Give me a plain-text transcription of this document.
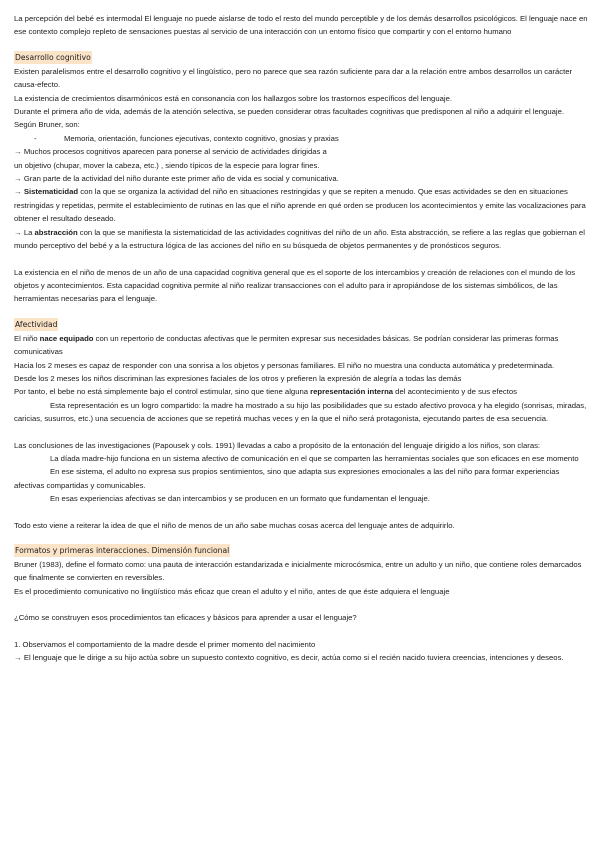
La percepción del bebé es intermodal El lenguaje no puede aislarse de todo el resto del mundo perceptible y de los demás desarrollos psicológicos. El lenguaje nace en ese contexto complejo repleto de sensaciones puestas al servicio de una interacción con un entorno físico que compartir y con el entorno humano

Desarrollo cognitivo

Existen paralelismos entre el desarrollo cognitivo y el lingüístico, pero no parece que sea razón suficiente para dar a la relación entre ambos desarrollos un carácter causa-efecto.

La existencia de crecimientos disarmónicos está en consonancia con los hallazgos sobre los trastornos específicos del lenguaje.

Durante el primera año de vida, además de la atención selectiva, se pueden considerar otras facultades cognitivas que predisponen al niño a adquirir el lenguaje. Según Bruner, son:

-	Memoria, orientación, funciones ejecutivas, contexto cognitivo, gnosias y praxias

→ Muchos procesos cognitivos aparecen para ponerse al servicio de actividades dirigidas a

un objetivo (chupar, mover la cabeza, etc.) , siendo típicos de la especie para lograr fines.

→ Gran parte de la actividad del niño durante este primer año de vida es social y comunicativa.

→ Sistematicidad con la que se organiza la actividad del niño en situaciones restringidas y que se repiten a menudo. Que esas actividades se den en situaciones restringidas y repetidas, permite el establecimiento de rutinas en las que el niño aprende en qué orden se producen los acontecimientos y emite las vocalizaciones para obtener el resultado deseado.

→ La abstracción con la que se manifiesta la sistematicidad de las actividades cognitivas del niño de un año. Esta abstracción, se refiere a las reglas que gobiernan el mundo perceptivo del bebé y a la estructura lógica de las acciones del niño en su búsqueda de objetos permanentes y de pronósticos seguros.

La existencia en el niño de menos de un año de una capacidad cognitiva general que es el soporte de los intercambios y creación de relaciones con el mundo de los objetos y acontecimientos. Esta capacidad cognitiva permite al niño realizar transacciones con el adulto para ir apropiándose de los sistemas simbólicos, de las herramientas necesarias para el lenguaje.

Afectividad

El niño nace equipado con un repertorio de conductas afectivas que le permiten expresar sus necesidades básicas. Se podrían considerar las primeras formas comunicativas

Hacia los 2 meses es capaz de responder con una sonrisa a los objetos y personas familiares. El niño no muestra una conducta automática y predeterminada.

Desde los 2 meses los niños discriminan las expresiones faciales de los otros y prefieren la expresión de alegría a todas las demás

Por tanto, el bebe no está simplemente bajo el control estimular, sino que tiene alguna representación interna del acontecimiento y de sus efectos

Esta representación es un logro compartido: la madre ha mostrado a su hijo las posibilidades que su estado afectivo provoca y ha elegido (sonrisas, miradas, caricias, susurros, etc.) una secuencia de acciones que se repetirá muchas veces y en la que el niño será protagonista, ejecutando partes de esa secuencia.

Las conclusiones de las investigaciones (Papousek y cols. 1991) llevadas a cabo a propósito de la entonación del lenguaje dirigido a los niños, son claras:

La díada madre-hijo funciona en un sistema afectivo de comunicación en el que se comparten las herramientas sociales que son eficaces en ese momento

En ese sistema, el adulto no expresa sus propios sentimientos, sino que adapta sus expresiones emocionales a las del niño para formar experiencias afectivas compartidas y comunicables.

En esas experiencias afectivas se dan intercambios y se producen en un formato que fundamentan el lenguaje.

Todo esto viene a reiterar la idea de que el niño de menos de un año sabe muchas cosas acerca del lenguaje antes de adquirirlo.

Formatos y primeras interacciones. Dimensión funcional

Bruner (1983), define el formato como: una pauta de interacción estandarizada e inicialmente microcósmica, entre un adulto y un niño, que contiene roles demarcados que finalmente se convierten en reversibles.

Es el procedimiento comunicativo no lingüístico más eficaz que crean el adulto y el niño, antes de que éste adquiera el lenguaje

¿Cómo se construyen esos procedimientos tan eficaces y básicos para aprender a usar el lenguaje?

1. Observamos el comportamiento de la madre desde el primer momento del nacimiento

→ El lenguaje que le dirige a su hijo actúa sobre un supuesto contexto cognitivo, es decir, actúa como si el recién nacido tuviera creencias, intenciones y deseos.
